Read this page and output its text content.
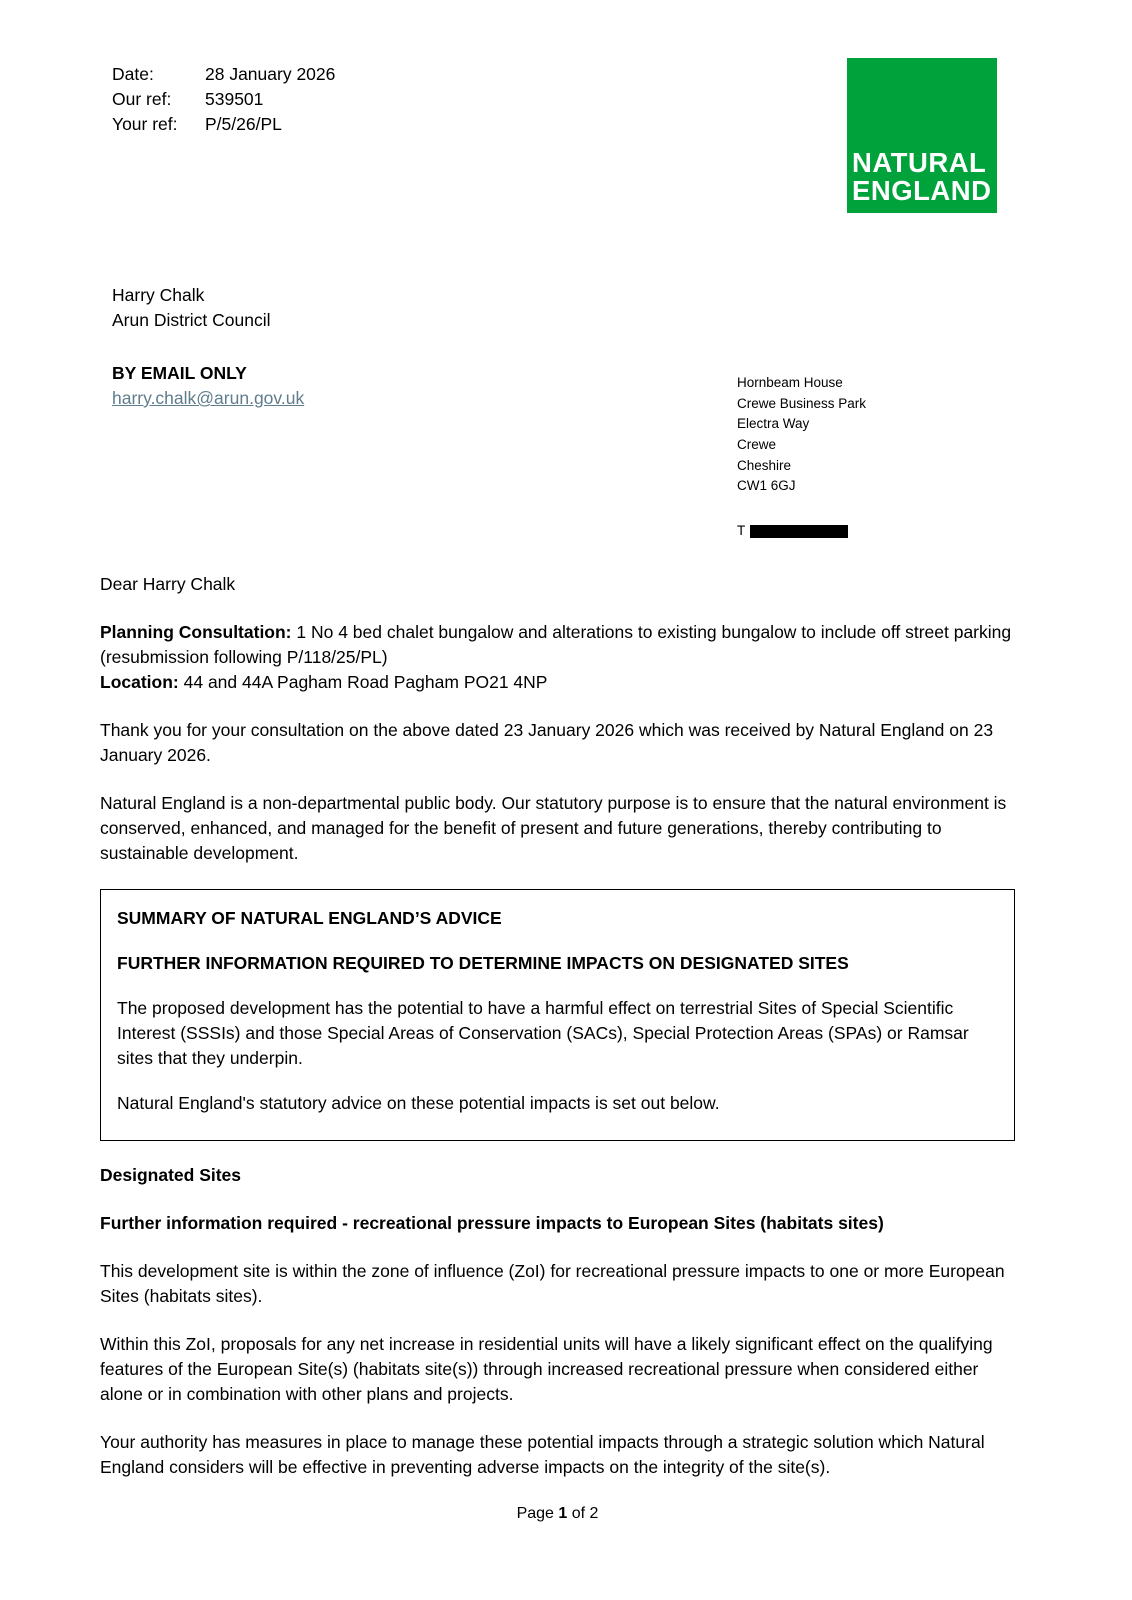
Date:	28 January 2026
Our ref:	539501
Your ref:	P/5/26/PL
NATURAL
ENGLAND
Harry Chalk
Arun District Council
BY EMAIL ONLY
harry.chalk@arun.gov.uk
Hornbeam House
Crewe Business Park
Electra Way
Crewe
Cheshire
CW1 6GJ
T

Dear Harry Chalk

Planning Consultation: 1 No 4 bed chalet bungalow and alterations to existing bungalow to include off street parking (resubmission following P/118/25/PL)
Location: 44 and 44A Pagham Road Pagham PO21 4NP

Thank you for your consultation on the above dated 23 January 2026 which was received by Natural England on 23 January 2026.

Natural England is a non-departmental public body. Our statutory purpose is to ensure that the natural environment is conserved, enhanced, and managed for the benefit of present and future generations, thereby contributing to sustainable development.

SUMMARY OF NATURAL ENGLAND’S ADVICE

FURTHER INFORMATION REQUIRED TO DETERMINE IMPACTS ON DESIGNATED SITES

The proposed development has the potential to have a harmful effect on terrestrial Sites of Special Scientific Interest (SSSIs) and those Special Areas of Conservation (SACs), Special Protection Areas (SPAs) or Ramsar sites that they underpin.

Natural England's statutory advice on these potential impacts is set out below.

Designated Sites

Further information required - recreational pressure impacts to European Sites (habitats sites)

This development site is within the zone of influence (ZoI) for recreational pressure impacts to one or more European Sites (habitats sites).

Within this ZoI, proposals for any net increase in residential units will have a likely significant effect on the qualifying features of the European Site(s) (habitats site(s)) through increased recreational pressure when considered either alone or in combination with other plans and projects.

Your authority has measures in place to manage these potential impacts through a strategic solution which Natural England considers will be effective in preventing adverse impacts on the integrity of the site(s).

Page 1 of 2
